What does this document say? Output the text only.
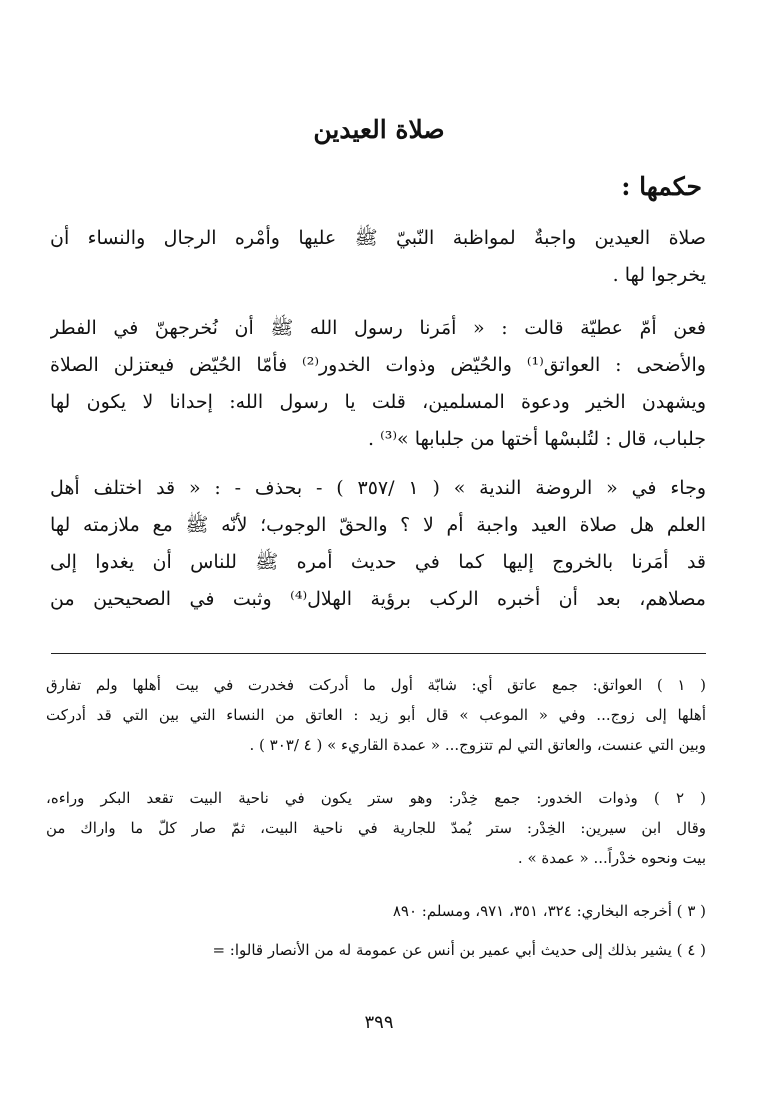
صلاة العيدين
حكمها :
صلاة العيدين واجبةٌ لمواظبة النّبيّ ﷺ عليها وأمْره الرجال والنساء أن
يخرجوا لها .
فعن أمّ عطيّة قالت : « أمَرنا رسول الله ﷺ أن نُخرجهنّ في الفطر
والأضحى : العواتق⁽¹⁾ والحُيّض وذوات الخدور⁽²⁾ فأمّا الحُيّض فيعتزلن الصلاة
ويشهدن الخير ودعوة المسلمين، قلت يا رسول الله: إحدانا لا يكون لها
جلباب، قال : لتُلبسْها أختها من جلبابها »⁽³⁾ .
وجاء في « الروضة الندية » ( ١ /٣٥٧ ) - بحذف - : « قد اختلف أهل
العلم هل صلاة العيد واجبة أم لا ؟ والحقّ الوجوب؛ لأنّه ﷺ مع ملازمته لها
قد أمَرنا بالخروج إليها كما في حديث أمره ﷺ للناس أن يغدوا إلى
مصلاهم، بعد أن أخبره الركب برؤية الهلال⁽⁴⁾ وثبت في الصحيحين من
( ١ ) العواتق: جمع عاتق أي: شابّة أول ما أدركت فخدرت في بيت أهلها ولم تفارق
أهلها إلى زوج... وفي « الموعب » قال أبو زيد : العاتق من النساء التي بين التي قد أدركت
وبين التي عنست، والعاتق التي لم تتزوج... « عمدة القاريء » ( ٤ /٣٠٣ ) .
( ٢ ) وذوات الخدور: جمع خِدْر: وهو ستر يكون في ناحية البيت تقعد البكر وراءه،
وقال ابن سيرين: الخِدْر: ستر يُمدّ للجارية في ناحية البيت، ثمّ صار كلّ ما واراك من
بيت ونحوه خدْراً... « عمدة » .
( ٣ ) أخرجه البخاري: ٣٢٤، ٣٥١، ٩٧١، ومسلم: ٨٩٠
( ٤ ) يشير بذلك إلى حديث أبي عمير بن أنس عن عمومة له من الأنصار قالوا: =
٣٩٩
